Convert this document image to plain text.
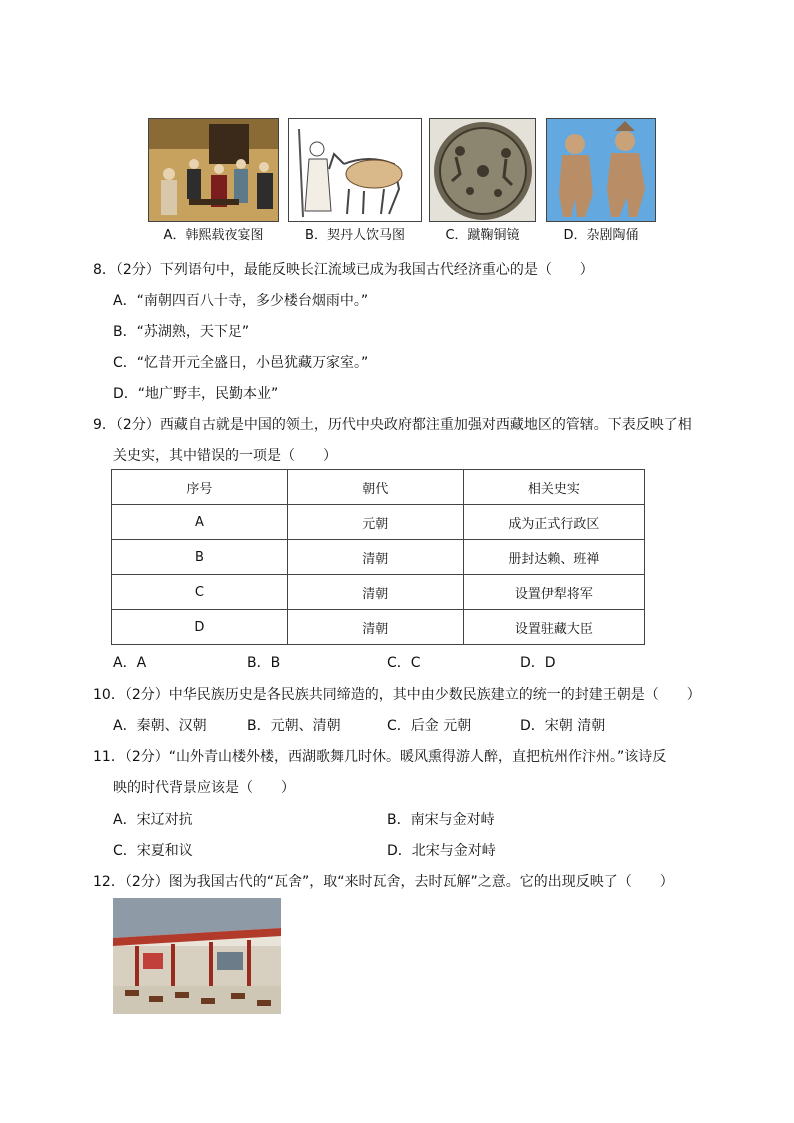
A．韩熙载夜宴图	B．契丹人饮马图	C．蹴鞠铜镜	D．杂剧陶俑
8．（2分）下列语句中，最能反映长江流域已成为我国古代经济重心的是（　　）
A．“南朝四百八十寺，多少楼台烟雨中。”
B．“苏湖熟，天下足”
C．“忆昔开元全盛日，小邑犹藏万家室。”
D．“地广野丰，民勤本业”
9．（2分）西藏自古就是中国的领土，历代中央政府都注重加强对西藏地区的管辖。下表反映了相
关史实，其中错误的一项是（　　）
序号	朝代	相关史实
A	元朝	成为正式行政区
B	清朝	册封达赖、班禅
C	清朝	设置伊犁将军
D	清朝	设置驻藏大臣
A．A	B．B	C．C	D．D
10．（2分）中华民族历史是各民族共同缔造的，其中由少数民族建立的统一的封建王朝是（　　）
A．秦朝、汉朝	B．元朝、清朝	C．后金 元朝	D．宋朝 清朝
11．（2分）“山外青山楼外楼，西湖歌舞几时休。暖风熏得游人醉，直把杭州作汴州。”该诗反
映的时代背景应该是（　　）
A．宋辽对抗	B．南宋与金对峙
C．宋夏和议	D．北宋与金对峙
12．（2分）图为我国古代的“瓦舍”，取“来时瓦舍，去时瓦解”之意。它的出现反映了（　　）
